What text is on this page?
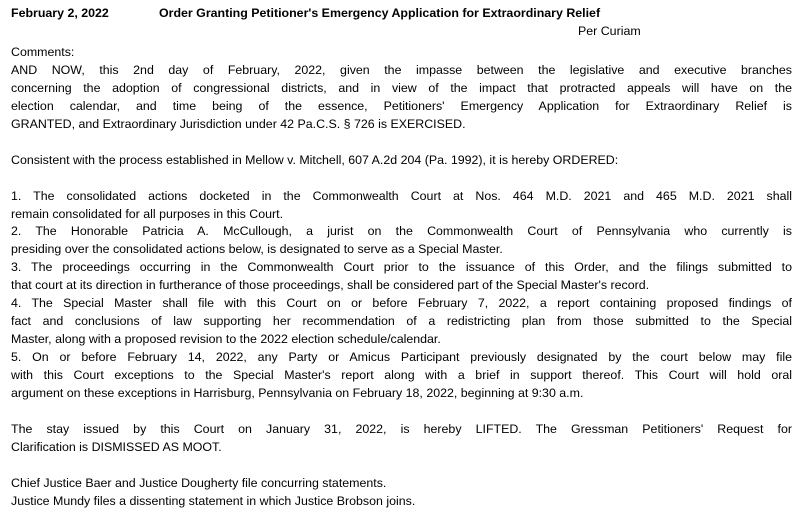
February 2, 2022	Order Granting Petitioner's Emergency Application for Extraordinary Relief
Per Curiam
Comments:
AND NOW, this 2nd day of February, 2022, given the impasse between the legislative and executive branches
concerning the adoption of congressional districts, and in view of the impact that protracted appeals will have on the
election calendar, and time being of the essence, Petitioners' Emergency Application for Extraordinary Relief is
GRANTED, and Extraordinary Jurisdiction under 42 Pa.C.S. § 726 is EXERCISED.
Consistent with the process established in Mellow v. Mitchell, 607 A.2d 204 (Pa. 1992), it is hereby ORDERED:
1. The consolidated actions docketed in the Commonwealth Court at Nos. 464 M.D. 2021 and 465 M.D. 2021 shall
remain consolidated for all purposes in this Court.
2. The Honorable Patricia A. McCullough, a jurist on the Commonwealth Court of Pennsylvania who currently is
presiding over the consolidated actions below, is designated to serve as a Special Master.
3. The proceedings occurring in the Commonwealth Court prior to the issuance of this Order, and the filings submitted to
that court at its direction in furtherance of those proceedings, shall be considered part of the Special Master's record.
4. The Special Master shall file with this Court on or before February 7, 2022, a report containing proposed findings of
fact and conclusions of law supporting her recommendation of a redistricting plan from those submitted to the Special
Master, along with a proposed revision to the 2022 election schedule/calendar.
5. On or before February 14, 2022, any Party or Amicus Participant previously designated by the court below may file
with this Court exceptions to the Special Master's report along with a brief in support thereof. This Court will hold oral
argument on these exceptions in Harrisburg, Pennsylvania on February 18, 2022, beginning at 9:30 a.m.
The stay issued by this Court on January 31, 2022, is hereby LIFTED. The Gressman Petitioners' Request for
Clarification is DISMISSED AS MOOT.
Chief Justice Baer and Justice Dougherty file concurring statements.
Justice Mundy files a dissenting statement in which Justice Brobson joins.
